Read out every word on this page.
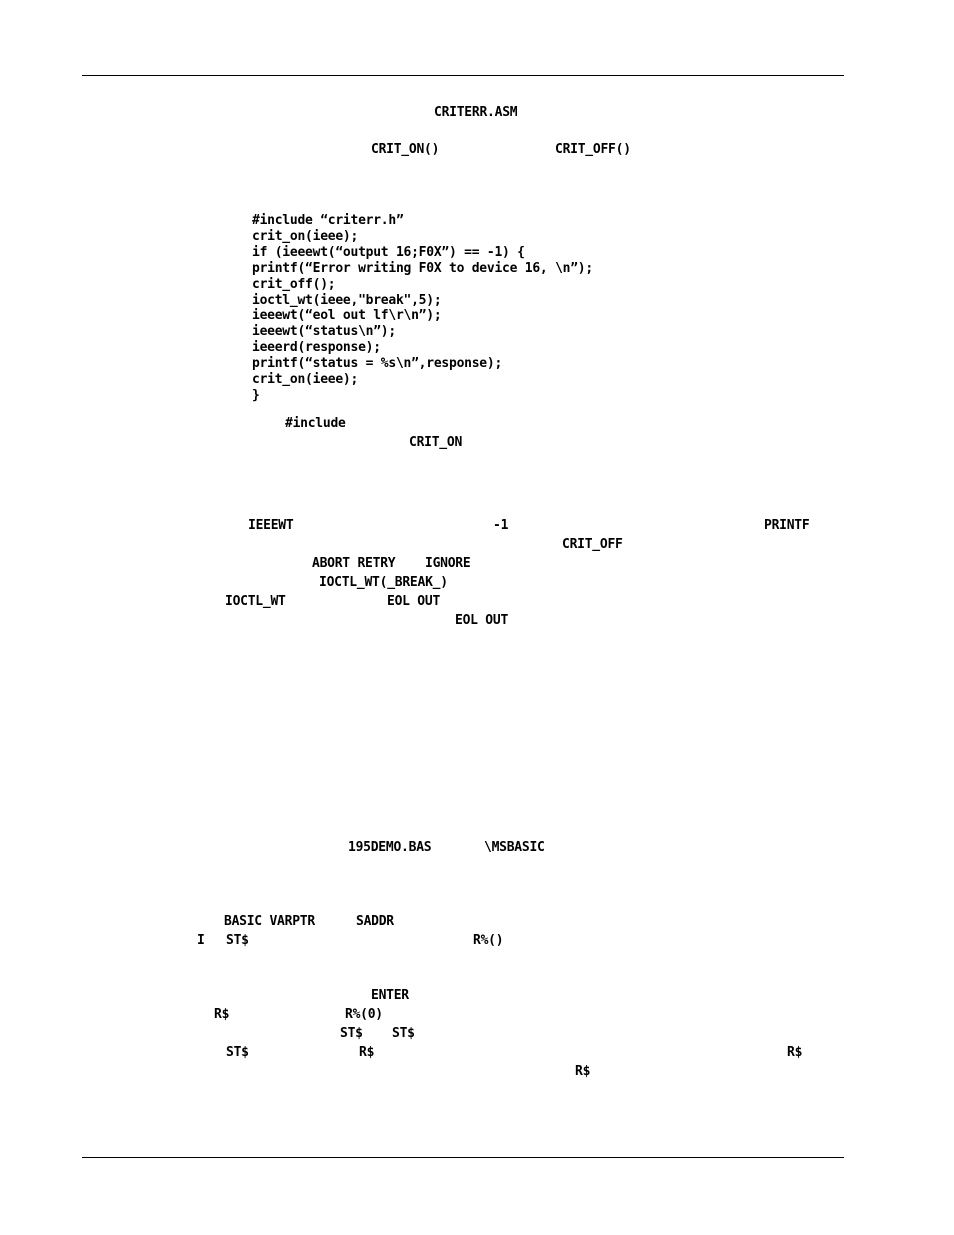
CRITERR.ASM
CRIT_ON()	CRIT_OFF()
#include “criterr.h”
crit_on(ieee);
if (ieeewt(“output 16;F0X”) == -1) {
printf(“Error writing F0X to device 16, \n”);
crit_off();
ioctl_wt(ieee,"break",5);
ieeewt(“eol out lf\r\n”);
ieeewt(“status\n”);
ieeerd(response);
printf(“status = %s\n”,response);
crit_on(ieee);
}
#include
CRIT_ON
IEEEWT	-1	PRINTF
CRIT_OFF
ABORT RETRY IGNORE
IOCTL_WT(_BREAK_)
IOCTL_WT	EOL OUT
EOL OUT
195DEMO.BAS	\MSBASIC
BASIC VARPTR	SADDR
I ST$	R%()
ENTER
R$	R%(0)
ST$ ST$
ST$	R$	R$
R$
